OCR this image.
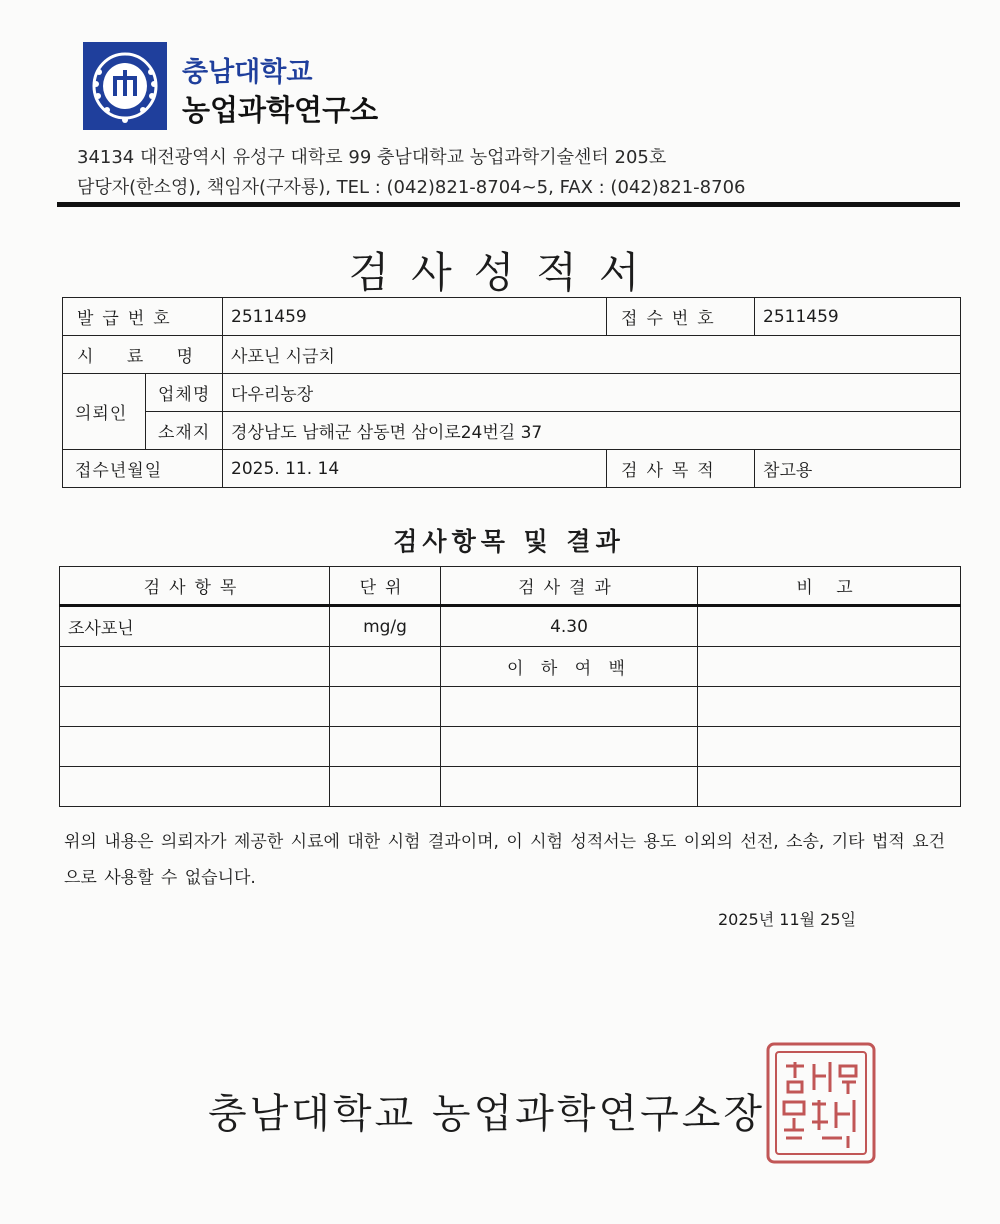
충남대학교
농업과학연구소
34134 대전광역시 유성구 대학로 99 충남대학교 농업과학기술센터 205호
담당자(한소영), 책임자(구자룡), TEL : (042)821-8704~5, FAX : (042)821-8706
검사성적서
발급번호		2511459	접수번호	2511459
시 료 명		사포닌 시금치		
의뢰인	업체명	다우리농장		
	소재지	경상남도 남해군 삼동면 삼이로24번길 37		
접수년월일		2025. 11. 14	검사목적	참고용
검사항목 및 결과
검사항목	단위	검사결과	비 고
조사포닌	mg/g	4.30	
		이 하 여 백	

위의 내용은 의뢰자가 제공한 시료에 대한 시험 결과이며, 이 시험 성적서는 용도 이외의 선전, 소송, 기타 법적 요건으로 사용할 수 없습니다.
2025년 11월 25일
충남대학교 농업과학연구소장
